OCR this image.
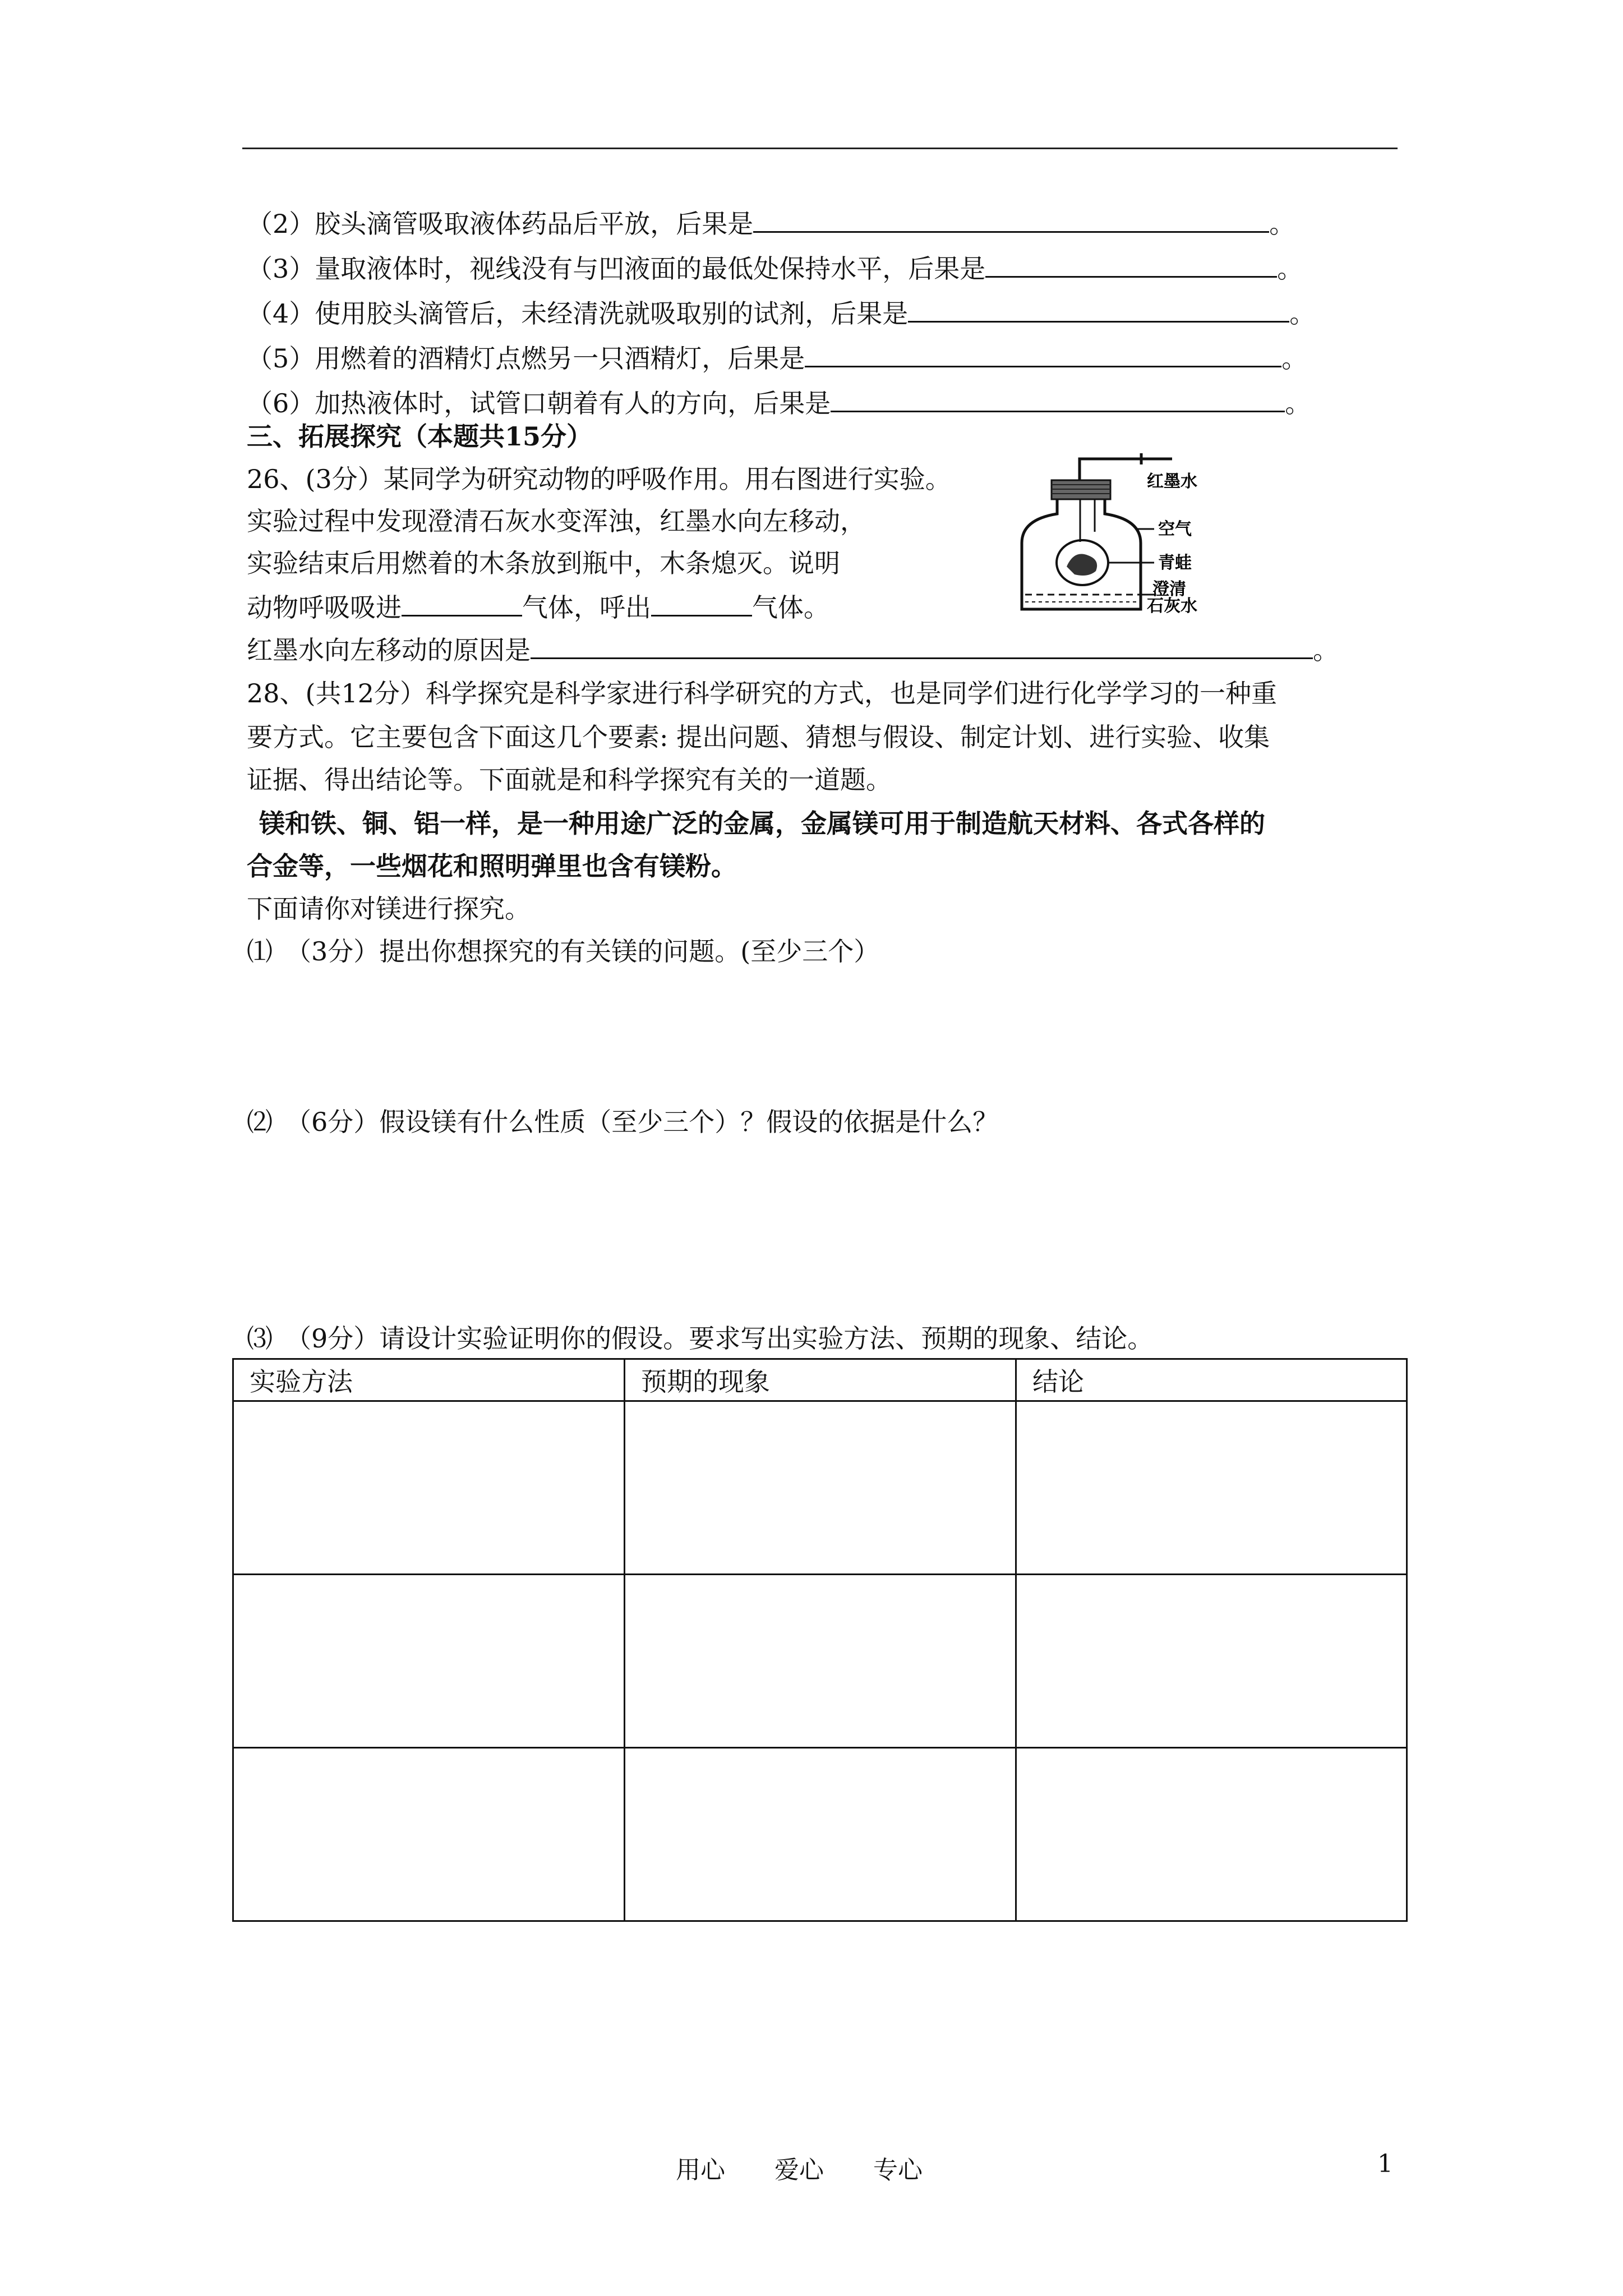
（2）胶头滴管吸取液体药品后平放，后果是	。
（3）量取液体时，视线没有与凹液面的最低处保持水平，后果是	。
（4）使用胶头滴管后，未经清洗就吸取别的试剂，后果是	。
（5）用燃着的酒精灯点燃另一只酒精灯，后果是	。
（6）加热液体时，试管口朝着有人的方向，后果是	。
三、拓展探究（本题共15分）
26、(3分）某同学为研究动物的呼吸作用。用右图进行实验。
实验过程中发现澄清石灰水变浑浊，红墨水向左移动，
实验结束后用燃着的木条放到瓶中，木条熄灭。说明
动物呼吸吸进	气体，呼出	气体。
红墨水向左移动的原因是	。
红墨水
空气
青蛙
澄清
石灰水
28、(共12分）科学探究是科学家进行科学研究的方式，也是同学们进行化学学习的一种重
要方式。它主要包含下面这几个要素: 提出问题、猜想与假设、制定计划、进行实验、收集
证据、得出结论等。下面就是和科学探究有关的一道题。
镁和铁、铜、铝一样，是一种用途广泛的金属，金属镁可用于制造航天材料、各式各样的
合金等，一些烟花和照明弹里也含有镁粉。
下面请你对镁进行探究。
⑴　（3分）提出你想探究的有关镁的问题。(至少三个）
⑵　（6分）假设镁有什么性质（至少三个）？假设的依据是什么？
⑶　（9分）请设计实验证明你的假设。要求写出实验方法、预期的现象、结论。
实验方法	预期的现象	结论

用心　　爱心　　专心	1
